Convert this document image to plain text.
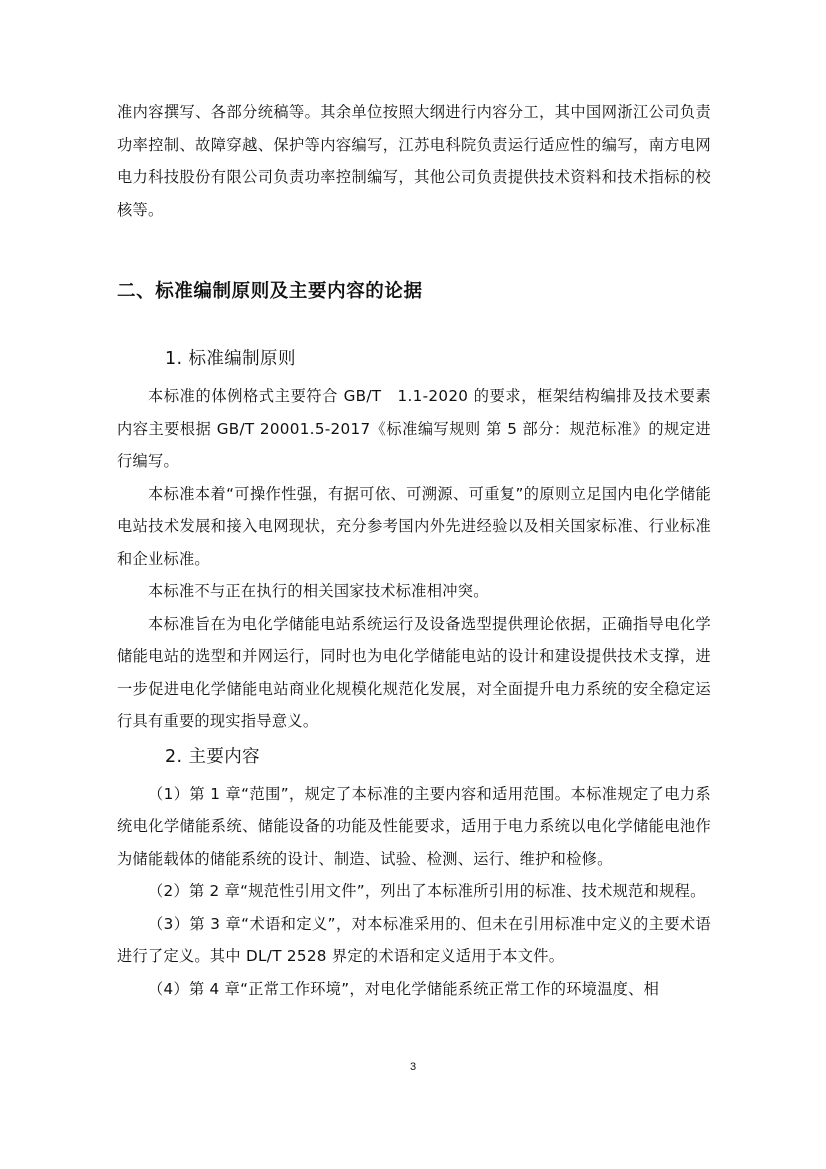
准内容撰写、各部分统稿等。其余单位按照大纲进行内容分工，其中国网浙江公司负责功率控制、故障穿越、保护等内容编写，江苏电科院负责运行适应性的编写，南方电网电力科技股份有限公司负责功率控制编写，其他公司负责提供技术资料和技术指标的校核等。

二、标准编制原则及主要内容的论据
1. 标准编制原则

本标准的体例格式主要符合 GB/T　1.1-2020 的要求，框架结构编排及技术要素内容主要根据 GB/T 20001.5-2017《标准编写规则 第 5 部分：规范标准》的规定进行编写。

本标准本着“可操作性强，有据可依、可溯源、可重复”的原则立足国内电化学储能电站技术发展和接入电网现状，充分参考国内外先进经验以及相关国家标准、行业标准和企业标准。

本标准不与正在执行的相关国家技术标准相冲突。

本标准旨在为电化学储能电站系统运行及设备选型提供理论依据，正确指导电化学储能电站的选型和并网运行，同时也为电化学储能电站的设计和建设提供技术支撑，进一步促进电化学储能电站商业化规模化规范化发展，对全面提升电力系统的安全稳定运行具有重要的现实指导意义。

2. 主要内容

（1）第 1 章“范围”，规定了本标准的主要内容和适用范围。本标准规定了电力系统电化学储能系统、储能设备的功能及性能要求，适用于电力系统以电化学储能电池作为储能载体的储能系统的设计、制造、试验、检测、运行、维护和检修。

（2）第 2 章“规范性引用文件”，列出了本标准所引用的标准、技术规范和规程。

（3）第 3 章“术语和定义”，对本标准采用的、但未在引用标准中定义的主要术语进行了定义。其中 DL/T 2528 界定的术语和定义适用于本文件。

（4）第 4 章“正常工作环境”，对电化学储能系统正常工作的环境温度、相

3
